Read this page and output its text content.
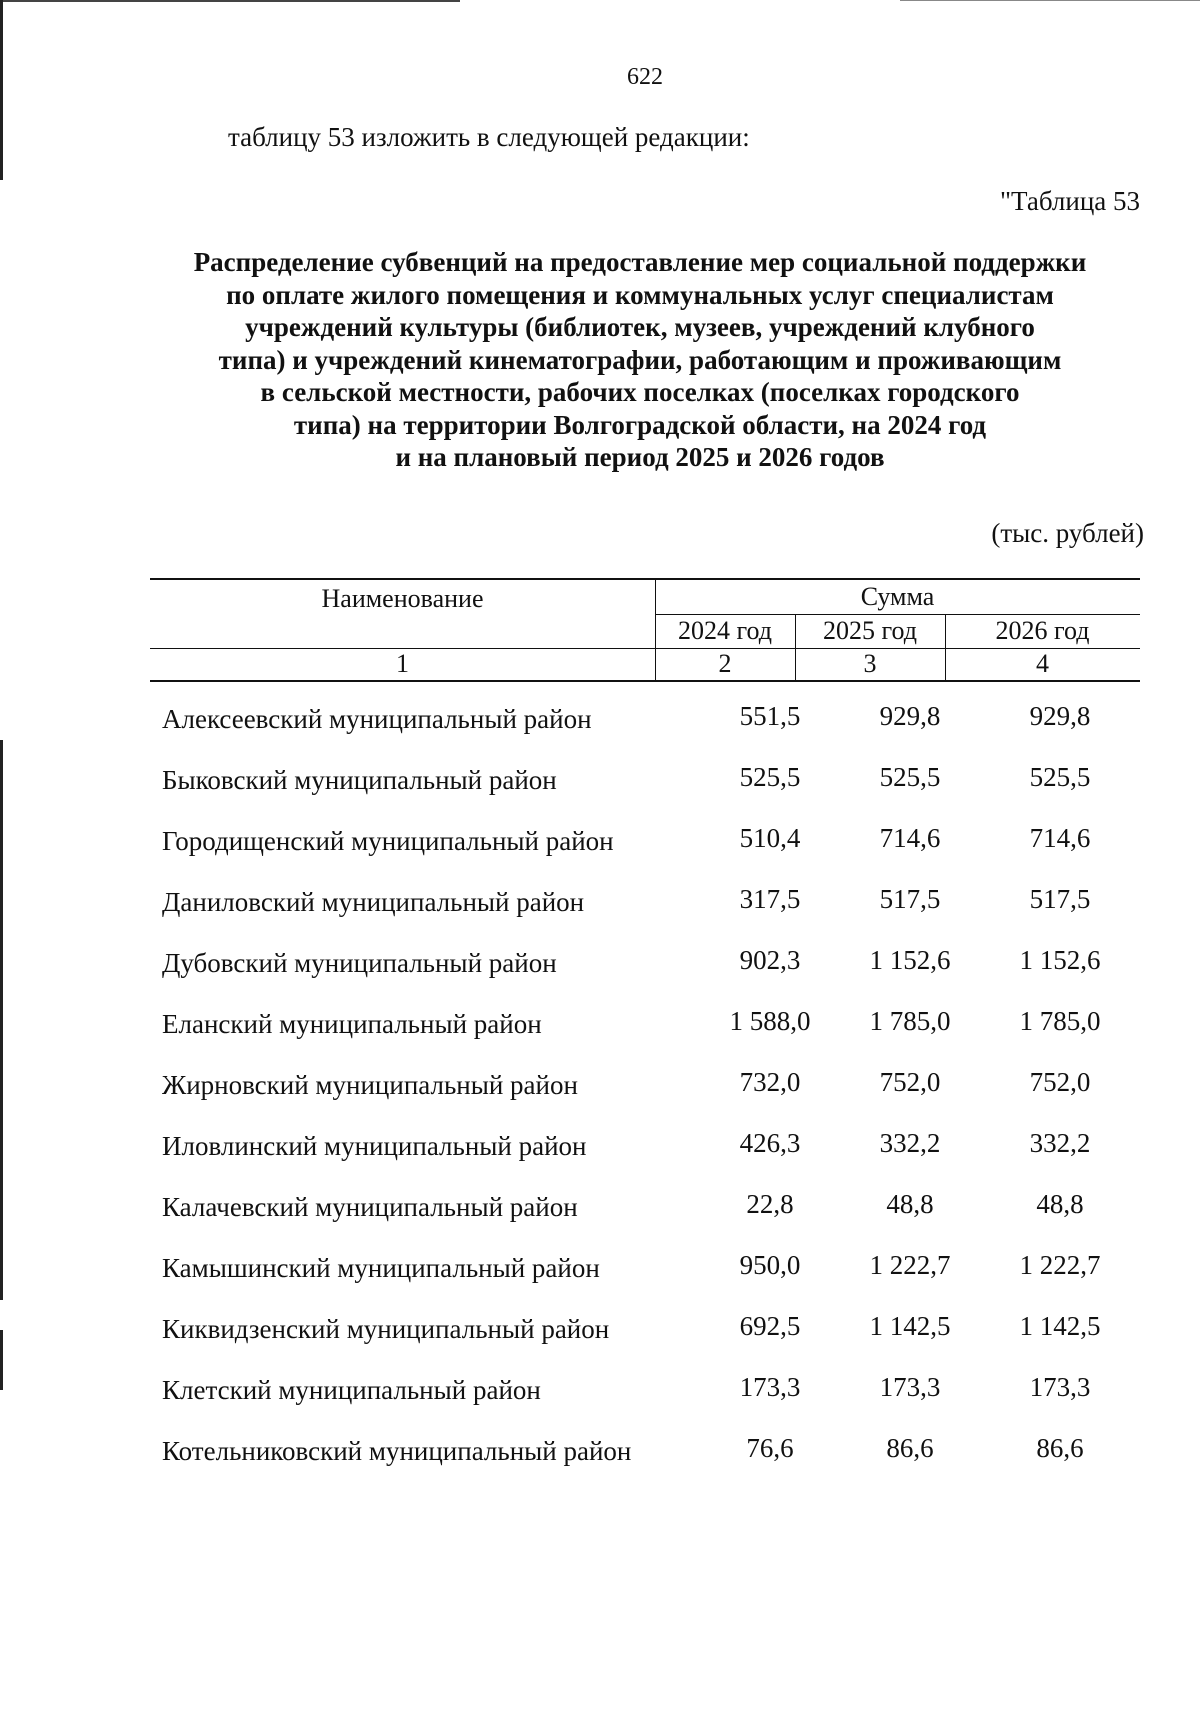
622
таблицу 53 изложить в следующей редакции:
"Таблица 53
Распределение субвенций на предоставление мер социальной поддержки
по оплате жилого помещения и коммунальных услуг специалистам
учреждений культуры (библиотек, музеев, учреждений клубного
типа) и учреждений кинематографии, работающим и проживающим
в сельской местности, рабочих поселках (поселках городского
типа) на территории Волгоградской области, на 2024 год
и на плановый период 2025 и 2026 годов
(тыс. рублей)
Наименование	Сумма
2024 год	2025 год	2026 год
1	2	3	4
Алексеевский муниципальный район	551,5	929,8	929,8
Быковский муниципальный район	525,5	525,5	525,5
Городищенский муниципальный район	510,4	714,6	714,6
Даниловский муниципальный район	317,5	517,5	517,5
Дубовский муниципальный район	902,3	1 152,6	1 152,6
Еланский муниципальный район	1 588,0	1 785,0	1 785,0
Жирновский муниципальный район	732,0	752,0	752,0
Иловлинский муниципальный район	426,3	332,2	332,2
Калачевский муниципальный район	22,8	48,8	48,8
Камышинский муниципальный район	950,0	1 222,7	1 222,7
Киквидзенский муниципальный район	692,5	1 142,5	1 142,5
Клетский муниципальный район	173,3	173,3	173,3
Котельниковский муниципальный район	76,6	86,6	86,6
